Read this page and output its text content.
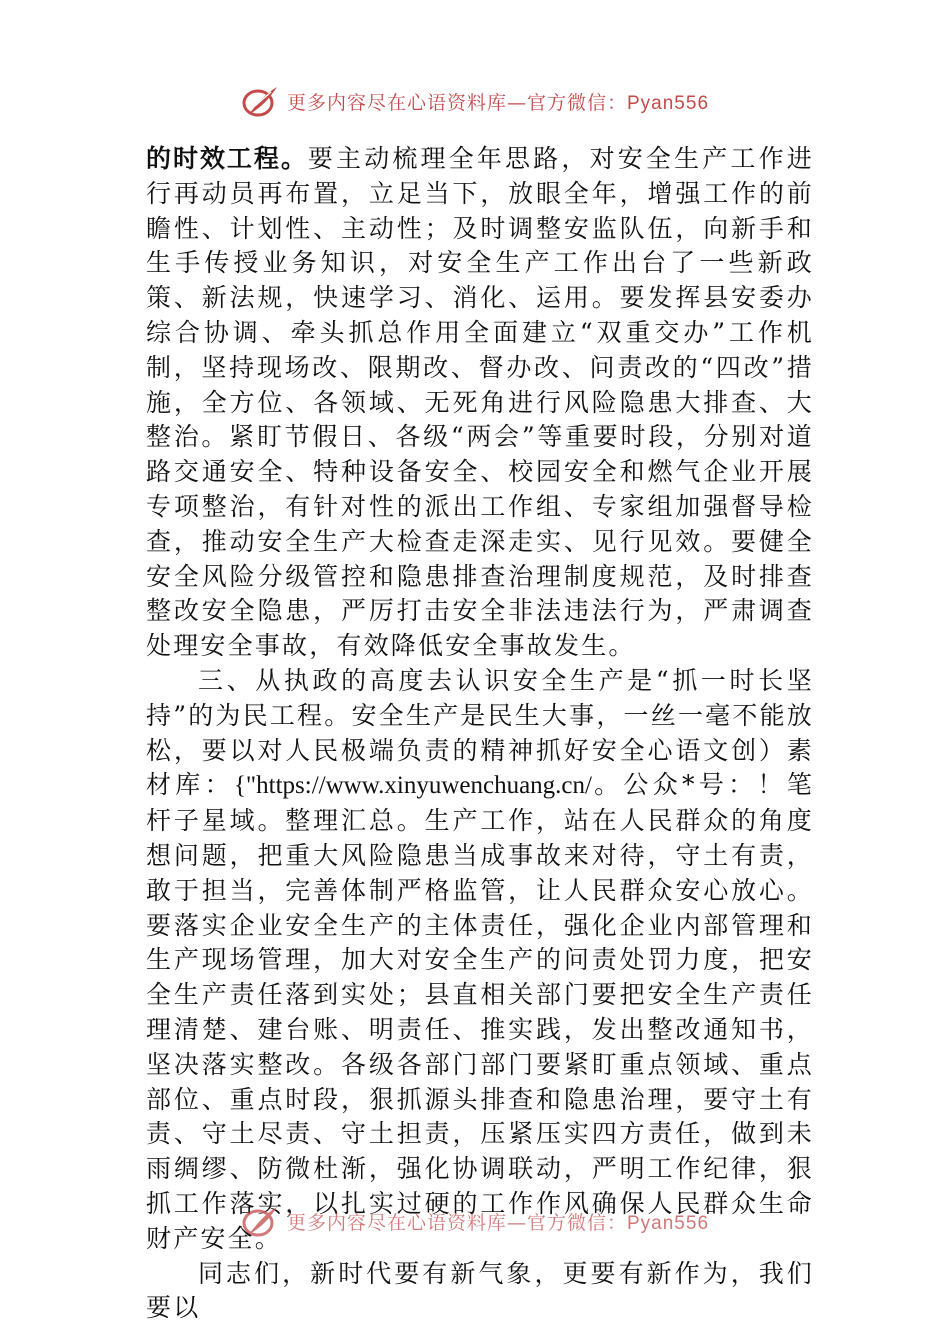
更多内容尽在心语资料库—官方微信：Pyan556

的时效工程。要主动梳理全年思路，对安全生产工作进行再动员再布置，立足当下，放眼全年，增强工作的前瞻性、计划性、主动性；及时调整安监队伍，向新手和生手传授业务知识，对安全生产工作出台了一些新政策、新法规，快速学习、消化、运用。要发挥县安委办综合协调、牵头抓总作用全面建立“双重交办”工作机制，坚持现场改、限期改、督办改、问责改的“四改”措施，全方位、各领域、无死角进行风险隐患大排查、大整治。紧盯节假日、各级“两会”等重要时段，分别对道路交通安全、特种设备安全、校园安全和燃气企业开展专项整治，有针对性的派出工作组、专家组加强督导检查，推动安全生产大检查走深走实、见行见效。要健全安全风险分级管控和隐患排查治理制度规范，及时排查整改安全隐患，严厉打击安全非法违法行为，严肃调查处理安全事故，有效降低安全事故发生。

三、从执政的高度去认识安全生产是“抓一时长坚持”的为民工程。安全生产是民生大事，一丝一毫不能放松，要以对人民极端负责的精神抓好安全心语文创）素材库：{"https://www.xinyuwenchuang.cn/。公众*号：！笔杆子星域。整理汇总。生产工作，站在人民群众的角度想问题，把重大风险隐患当成事故来对待，守土有责，敢于担当，完善体制严格监管，让人民群众安心放心。要落实企业安全生产的主体责任，强化企业内部管理和生产现场管理，加大对安全生产的问责处罚力度，把安全生产责任落到实处；县直相关部门要把安全生产责任理清楚、建台账、明责任、推实践，发出整改通知书，坚决落实整改。各级各部门部门要紧盯重点领域、重点部位、重点时段，狠抓源头排查和隐患治理，要守土有责、守土尽责、守土担责，压紧压实四方责任，做到未雨绸缪、防微杜渐，强化协调联动，严明工作纪律，狠抓工作落实，以扎实过硬的工作作风确保人民群众生命财产安全。

同志们，新时代要有新气象，更要有新作为，我们要以

更多内容尽在心语资料库—官方微信：Pyan556
